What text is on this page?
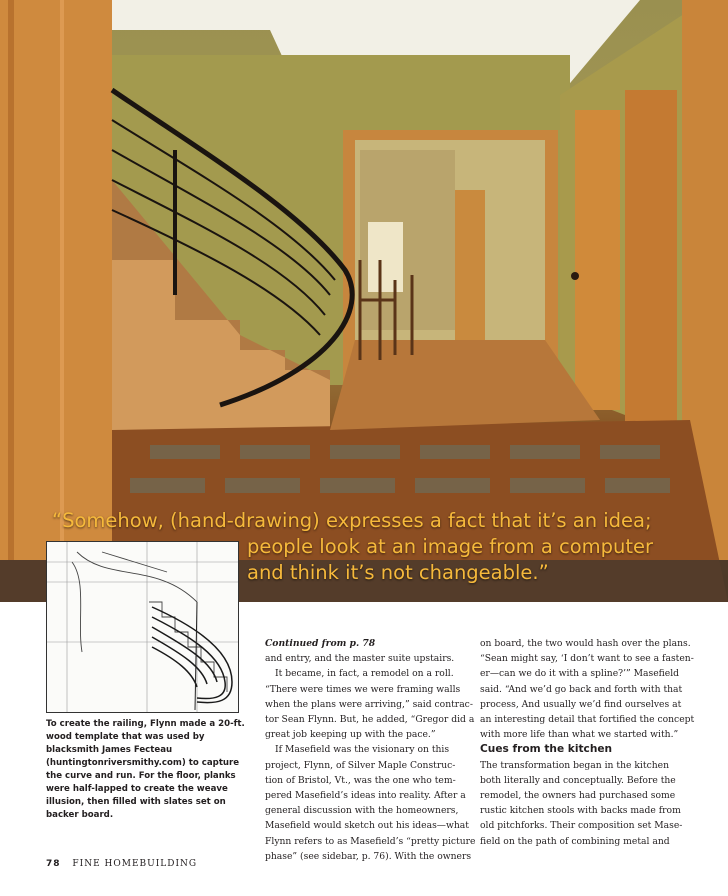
“Somehow, (hand-drawing) expresses a fact that it’s an idea;
people look at an image from a computer
and think it’s not changeable.”

To create the railing, Flynn made a 20-ft. wood template that was used by blacksmith James Fecteau (huntingtonriversmithy.com) to capture the curve and run. For the floor, planks were half-lapped to create the weave illusion, then filled with slates set on backer board.

Continued from p. 78
and entry, and the master suite upstairs.
It became, in fact, a remodel on a roll.
“There were times we were framing walls
when the plans were arriving,” said contrac-
tor Sean Flynn. But, he added, “Gregor did a
great job keeping up with the pace.”
If Masefield was the visionary on this
project, Flynn, of Silver Maple Construc-
tion of Bristol, Vt., was the one who tem-
pered Masefield’s ideas into reality. After a
general discussion with the homeowners,
Masefield would sketch out his ideas—what
Flynn refers to as Masefield’s “pretty picture
phase” (see sidebar, p. 76). With the owners
on board, the two would hash over the plans.
“Sean might say, ‘I don’t want to see a fasten-
er—can we do it with a spline?’” Masefield
said. “And we’d go back and forth with that
process, And usually we’d find ourselves at
an interesting detail that fortified the concept
with more life than what we started with.”

Cues from the kitchen

The transformation began in the kitchen
both literally and conceptually. Before the
remodel, the owners had purchased some
rustic kitchen stools with backs made from
old pitchforks. Their composition set Mase-
field on the path of combining metal and
78 FINE HOMEBUILDING
